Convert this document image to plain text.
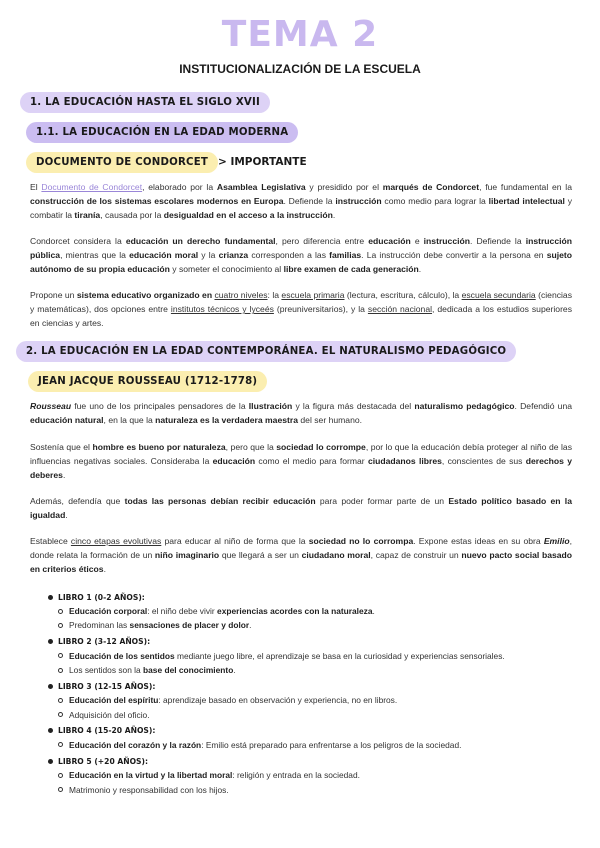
TEMA 2
INSTITUCIONALIZACIÓN DE LA ESCUELA
1. LA EDUCACIÓN HASTA EL SIGLO XVII
1.1. LA EDUCACIÓN EN LA EDAD MODERNA
DOCUMENTO DE CONDORCET > IMPORTANTE
El Documento de Condorcet, elaborado por la Asamblea Legislativa y presidido por el marqués de Condorcet, fue fundamental en la construcción de los sistemas escolares modernos en Europa. Defiende la instrucción como medio para lograr la libertad intelectual y combatir la tiranía, causada por la desigualdad en el acceso a la instrucción.
Condorcet considera la educación un derecho fundamental, pero diferencia entre educación e instrucción. Defiende la instrucción pública, mientras que la educación moral y la crianza corresponden a las familias. La instrucción debe convertir a la persona en sujeto autónomo de su propia educación y someter el conocimiento al libre examen de cada generación.
Propone un sistema educativo organizado en cuatro niveles: la escuela primaria (lectura, escritura, cálculo), la escuela secundaria (ciencias y matemáticas), dos opciones entre institutos técnicos y lyceés (preuniversitarios), y la sección nacional, dedicada a los estudios superiores en ciencias y artes.
2. LA EDUCACIÓN EN LA EDAD CONTEMPORÁNEA. EL NATURALISMO PEDAGÓGICO
JEAN JACQUE ROUSSEAU (1712-1778)
Rousseau fue uno de los principales pensadores de la Ilustración y la figura más destacada del naturalismo pedagógico. Defendió una educación natural, en la que la naturaleza es la verdadera maestra del ser humano.
Sostenía que el hombre es bueno por naturaleza, pero que la sociedad lo corrompe, por lo que la educación debía proteger al niño de las influencias negativas sociales. Consideraba la educación como el medio para formar ciudadanos libres, conscientes de sus derechos y deberes.
Además, defendía que todas las personas debían recibir educación para poder formar parte de un Estado político basado en la igualdad.
Establece cinco etapas evolutivas para educar al niño de forma que la sociedad no lo corrompa. Expone estas ideas en su obra Emilio, donde relata la formación de un niño imaginario que llegará a ser un ciudadano moral, capaz de construir un nuevo pacto social basado en criterios éticos.
LIBRO 1 (0-2 AÑOS):
Educación corporal: el niño debe vivir experiencias acordes con la naturaleza.
Predominan las sensaciones de placer y dolor.
LIBRO 2 (3-12 AÑOS):
Educación de los sentidos mediante juego libre, el aprendizaje se basa en la curiosidad y experiencias sensoriales.
Los sentidos son la base del conocimiento.
LIBRO 3 (12-15 AÑOS):
Educación del espíritu: aprendizaje basado en observación y experiencia, no en libros.
Adquisición del oficio.
LIBRO 4 (15-20 AÑOS):
Educación del corazón y la razón: Emilio está preparado para enfrentarse a los peligros de la sociedad.
LIBRO 5 (+20 AÑOS):
Educación en la virtud y la libertad moral: religión y entrada en la sociedad.
Matrimonio y responsabilidad con los hijos.
